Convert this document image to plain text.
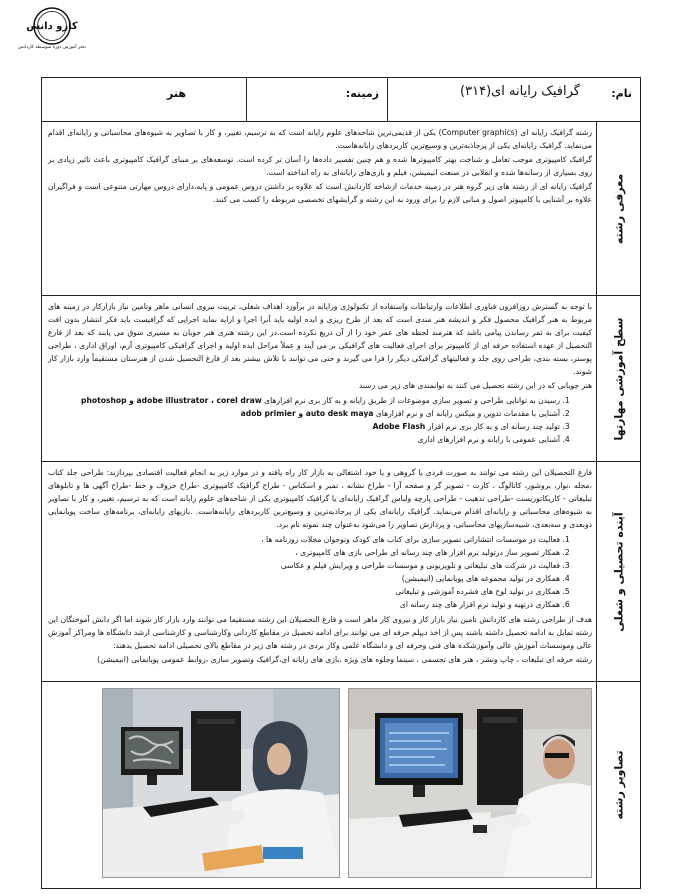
کارو دانش
دفتر آموزش دوره متوسطه کاردانش
نام:
گرافیک رایانه ای(۳۱۴)
زمینه:
هنر
معرفی رشته

رشته گرافیک رایانه ای (Computer graphics) یکی از قدیمی‌ترین شاخه‌های علوم رایانه است که به ترسیم، تغییر، و کار با تصاویر به شیوه‌های محاسباتی و رایانه‌ای اقدام می‌نماید. گرافیک رایانه‌ای یکی از پرجاذبه‌ترین و وسیع‌ترین کاربردهای رایانه‌هاست.

گرافیک کامپیوتری موجب تعامل و شناخت بهتر کامپیوترها شده و هم چنین تفسیر داده‌ها را آسان تر کرده است. توسعه‌های بر مبنای گرافیک کامپیوتری باعث تاثیر زیادی بر روی بسیاری از رسانه‌ها شده و انقلابی در صنعت انیمیشن، فیلم و بازی‌های رایانه‌ای به راه انداخته است.

گرافیک رایانه ای از رشته های زیر گروه هنر در زمینه خدمات ازشاخه کاردانش است که علاوه بر داشتن دروس عمومی و پایه،دارای دروس مهارتی متنوعی است و فراگیران علاوه بر آشنایی با کامپیوتر اصول و مبانی لازم را برای ورود به این رشته و گرایشهای تخصصی مربوطه را کسب می کنند.

سطح آموزشی مهارتها

با توجه به گسترش روزافزون فناوری اطلاعات وارتباطات واستفاده از تکنولوژی ورایانه در برآورد اهداف شغلی، تربیت نیروی انسانی ماهر وتامین نیاز بازارکار در زمینه های مربوط به هنر گرافیک محصول فکر و اندیشه هنر مندی است که بعد از طرح ریزی و ایده اولیه باید آنرا اجرا و ارایه نماید اجرایی که گرافیست باید فکر انتشار بدون افت کیفیت برای به ثمر رساندن پیامی باشد که هنرمند لحظه های عمر خود را از آن دریغ نکرده است.در این رشته هنری هنر جویان به مسیری سوق می یابند که بعد از فارغ التحصیل از عهده استفاده حرفه ای از کامپیوتر برای اجرای فعالیت های گرافیکی بر می آیند و عملاً مراحل ایده اولیه و اجرای گرافیکی کامپیوتری آرم، اوراق اداری ، طراحی پوستر، بسته بندی، طراحی روی جلد و فعالیتهای گرافیکی دیگر را فرا می گیرند و حتی می توانند با تلاش بیشتر بعد از فارغ التحصیل شدن از هنرستان مستقیماً وارد بازار کار شوند.

هنر جویانی که در این رشته تحصیل می کنند به توانمندی های زیر می رسند

1. رسیدن به توانایی طراحی و تصویر سازی موضوعات از طریق رایانه و به کار بری نرم افزارهای photoshop و adobe illustrator ، corel draw
2. آشنایی با مقدمات تدوین و میکس رایانه ای و نرم افزارهای adob primier و auto desk maya
3. تولید چند رسانه ای و به کار بری نرم افزار Adobe Flash
4. آشنایی عمومی با رایانه و نرم افزارهای اداری
آینده تحصیلی و شغلی

فارغ التحصیلان این رشته می توانند به صورت فردی یا گروهی و یا خود اشتغالی به بازار کار راه یافته و در موارد زیر به انجام فعالیت اقتصادی بپردازند: طراحی جلد کتاب ،مجله ،نوار، بروشور، کاتالوگ ، کارت - تصویر گر و صفحه آرا - طراح نشانه ، تمبر و اسکناس - طراح گرافیک کامپیوتری -طراح حروف و خط -طراح آگهی ها و تابلوهای تبلیغاتی - کاریکاتوریست -طراحی تذهیب - طراحی پارچه ولباس گرافیک رایانه‌ای یا گرافیک کامپیوتری یکی از شاخه‌های علوم رایانه است که به ترسیم، تغییر، و کار با تصاویر به شیوه‌های محاسباتی و رایانه‌ای اقدام می‌نماید. گرافیک رایانه‌ای یکی از پرجاذبه‌ترین و وسیع‌ترین کاربردهای رایانه‌هاست. .بازیهای رایانه‌ای، برنامه‌های ساخت پویانمایی دوبعدی و سه‌بعدی، شبیه‌سازیهای محاسباتی، و پردازش تصاویر را می‌شود به‌عنوان چند نمونه نام برد.

1. فعالیت در موسسات انتشاراتی تصویر سازی برای کتاب های کودک ونوجوان مجلات روزنامه ها ،
2. همکار تصویر ساز درتولید نرم افزار های چند رسانه ای طراحی بازی های کامپیوتری ،
3. فعالیت در شرکت های تبلیغاتی و تلویزیونی و موسسات طراحی و ویرایش فیلم و عکاسی
4. همکاری در تولید مجموعه های پویانمایی (انیمیشن)
5. همکاری در تولید لوح های فشرده آموزشی و تبلیغاتی
6. همکاری درتهیه و تولید نرم افزار های چند رسانه ای

هدف از طراحی رشته های کاردانش تامین نیاز بازار کار و نیروی کار ماهر است و فارغ التحصیلان این رشته مستقیما می توانند وارد بازار کار شوند اما اگر دانش آموختگان این رشته تمایل به ادامه تحصیل داشته باشند پس از اخذ دیپلم حرفه ای می توانند برای ادامه تحصیل در مقاطع کاردانی وکارشناسی و کارشناسی ارشد دانشگاه ها ومراکز آموزش عالی وموسسات آموزش عالی وآموزشکده های فنی وحرفه ای و دانشگاه علمی وکار بردی در رشته های زیر در مقاطع بالای تحصیلی ادامه تحصیل بدهند:

رشته حرفه ای تبلیغات ، چاپ ونشر ، هنر های تجسمی ، سینما وجلوه های ویژه ،بازی های رایانه ای،گرافیک وتصویر سازی ،روابط عمومی پویانمایی (انیمیشن)

تصاویر رشته
